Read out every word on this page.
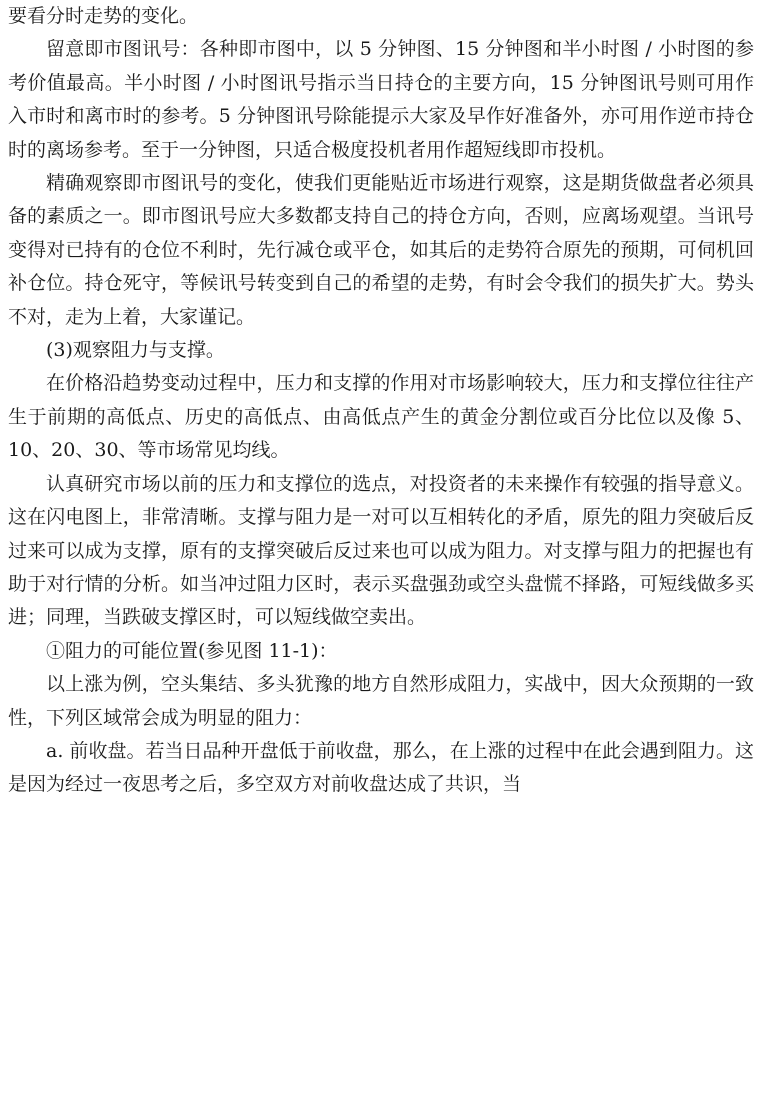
要看分时走势的变化。

留意即市图讯号：各种即市图中，以 5 分钟图、15 分钟图和半小时图 / 小时图的参考价值最高。半小时图 / 小时图讯号指示当日持仓的主要方向，15 分钟图讯号则可用作入市时和离市时的参考。5 分钟图讯号除能提示大家及早作好准备外，亦可用作逆市持仓时的离场参考。至于一分钟图，只适合极度投机者用作超短线即市投机。

精确观察即市图讯号的变化，使我们更能贴近市场进行观察，这是期货做盘者必须具备的素质之一。即市图讯号应大多数都支持自己的持仓方向，否则，应离场观望。当讯号变得对已持有的仓位不利时，先行减仓或平仓，如其后的走势符合原先的预期，可伺机回补仓位。持仓死守，等候讯号转变到自己的希望的走势，有时会令我们的损失扩大。势头不对，走为上着，大家谨记。

(3)观察阻力与支撑。

在价格沿趋势变动过程中，压力和支撑的作用对市场影响较大，压力和支撑位往往产生于前期的高低点、历史的高低点、由高低点产生的黄金分割位或百分比位以及像 5、10、20、30、等市场常见均线。

认真研究市场以前的压力和支撑位的选点，对投资者的未来操作有较强的指导意义。这在闪电图上，非常清晰。支撑与阻力是一对可以互相转化的矛盾，原先的阻力突破后反过来可以成为支撑，原有的支撑突破后反过来也可以成为阻力。对支撑与阻力的把握也有助于对行情的分析。如当冲过阻力区时，表示买盘强劲或空头盘慌不择路，可短线做多买进；同理，当跌破支撑区时，可以短线做空卖出。

①阻力的可能位置(参见图 11-1)：

以上涨为例，空头集结、多头犹豫的地方自然形成阻力，实战中，因大众预期的一致性，下列区域常会成为明显的阻力：

a. 前收盘。若当日品种开盘低于前收盘，那么，在上涨的过程中在此会遇到阻力。这是因为经过一夜思考之后，多空双方对前收盘达成了共识，当
